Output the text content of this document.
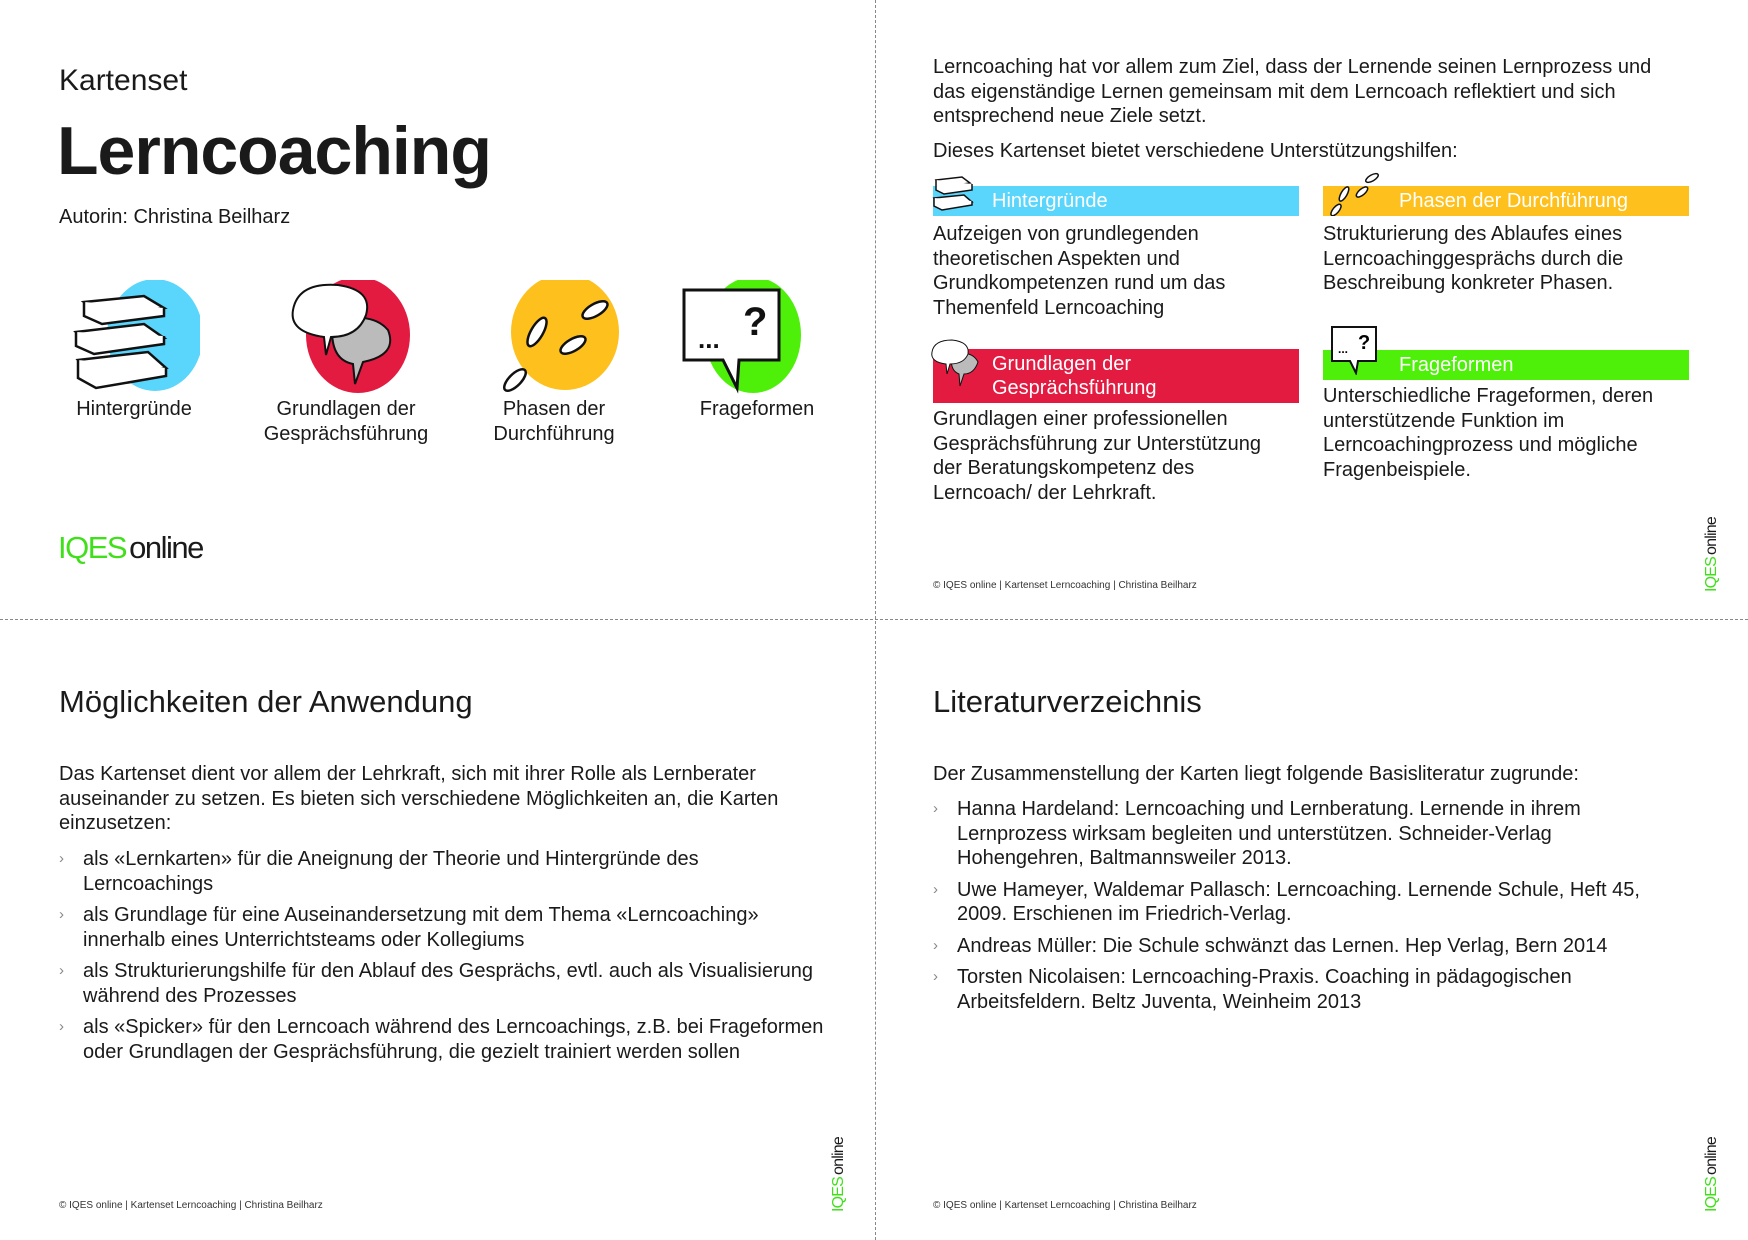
Kartenset
Lerncoaching
Autorin: Christina Beilharz
... ?
Hintergründe	Grundlagen der Gesprächsführung
Phasen der Durchführung
Frageformen
IQESonline
Lerncoaching hat vor allem zum Ziel, dass der Lernende seinen Lernprozess und das eigenständige Lernen gemeinsam mit dem Lerncoach reflektiert und sich entsprechend neue Ziele setzt.
Dieses Kartenset bietet verschiedene Unterstützungshilfen:
Hintergründe
Aufzeigen von grundlegenden theoretischen Aspekten und Grundkompetenzen rund um das Themenfeld Lerncoaching
Phasen der Durchführung
Strukturierung des Ablaufes eines Lerncoachinggesprächs durch die Beschreibung konkreter Phasen.
Grundlagen der Gesprächsführung
Grundlagen einer professionellen Gesprächsführung zur Unterstützung der Beratungskompetenz des Lerncoach/ der Lehrkraft.
Frageformen
Unterschiedliche Frageformen, deren unterstützende Funktion im Lerncoachingprozess und mögliche Fragenbeispiele.
... ?
© IQES online | Kartenset Lerncoaching | Christina Beilharz	IQESonline
Möglichkeiten der Anwendung
Das Kartenset dient vor allem der Lehrkraft, sich mit ihrer Rolle als Lernberater auseinander zu setzen. Es bieten sich verschiedene Möglichkeiten an, die Karten einzusetzen:
› als «Lernkarten» für die Aneignung der Theorie und Hintergründe des Lerncoachings
› als Grundlage für eine Auseinandersetzung mit dem Thema «Lerncoaching» innerhalb eines Unterrichtsteams oder Kollegiums
› als Strukturierungshilfe für den Ablauf des Gesprächs, evtl. auch als Visualisierung während des Prozesses
› als «Spicker» für den Lerncoach während des Lerncoachings, z.B. bei Frageformen oder Grundlagen der Gesprächsführung, die gezielt trainiert werden sollen
© IQES online | Kartenset Lerncoaching | Christina Beilharz	IQESonline
Literaturverzeichnis
Der Zusammenstellung der Karten liegt folgende Basisliteratur zugrunde:
› Hanna Hardeland: Lerncoaching und Lernberatung. Lernende in ihrem Lernprozess wirksam begleiten und unterstützen. Schneider-Verlag Hohengehren, Baltmannsweiler 2013.
› Uwe Hameyer, Waldemar Pallasch: Lerncoaching. Lernende Schule, Heft 45, 2009. Erschienen im Friedrich-Verlag.
› Andreas Müller: Die Schule schwänzt das Lernen. Hep Verlag, Bern 2014
› Torsten Nicolaisen: Lerncoaching-Praxis. Coaching in pädagogischen Arbeitsfeldern. Beltz Juventa, Weinheim 2013
© IQES online | Kartenset Lerncoaching | Christina Beilharz	IQESonline
